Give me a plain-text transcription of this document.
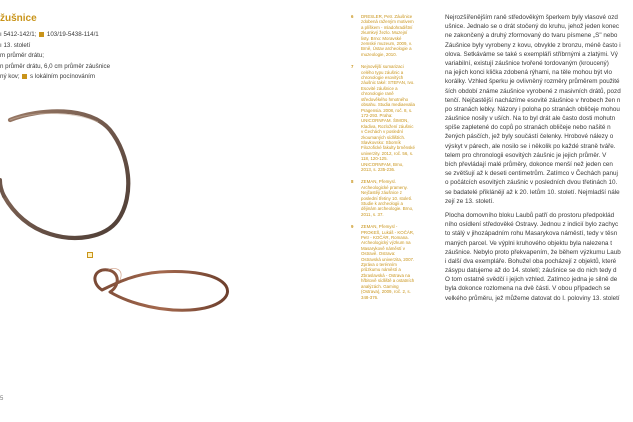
žušnice
ı 5412-142/1;  103/19-5438-114/1
ı 13. století
m průměr drátu;
n průměr drátu, 6,0 cm průměr záušnice
ný kov;  s lokálním pocínováním
5
6	DRESLER, Petr. Záušnice zdobená raženým motivem a plíškem - mladohradištní zkumkvý žezlo. Muzejní listy. Brno: Moravské zemské muzeum, 2009, v. Brně, Ústav archeologie a muzeologie, 2010.
7	Nejnovější sumarizaci celého typu záušnic a chronologie esovitých záušnic také: STEFAN, Ivo. Esovité záušnice a chronologie raně středověkého hmotného obsahu. Studia mediaevalia Pragensia. 2008, roč. 8, s. 172-293. Praha: UNICORNFAM. ŠIMON, Kladiva, Rozložení záušnic v Čechách v poslední zkoumaných sídlištích. Slavkovsko: Sborník Filozofické fakulty brněnské univerzity. 2012, roč. 56, s. 118, 120-125. UNICORNFAM, Brno, 2013, s. 235-236.
8	ZEMAN, Přemysl. Archeologické prameny. Nejčastěji záušnice z poslední třetiny 10. století. Studie k archeologii a dějinám archeologie. Brno, 2011, s. 37.
9	ZEMAN, Přemysl - PROKEŠ, Lukáš - KOČÁR, Petr - KOČÁR, Romana. Archeologický výzkum na Masarykově náměstí v Ostravě. Ostrava: Ostravská univerzita, 2007. Zpráva o terénním průzkumu náměstí a Zbraslavská - Ostrava na hřbitově sídliště a ostatních analýzách. Gaming (Ostrava), 2009, roč. 2, s. 348-376.
Nejrozšířenějším raně středověkým šperkem byly vlasové ozd
ušnice. Jednalo se o drát stočený do kruhu, jehož jeden konec
ne zakončený a druhý zformovaný do tvaru písmene „S" nebo
Záušnice byly vyrobeny z kovu, obvykle z bronzu, méně často i
olova. Setkáváme se také s exempláři stříbrnými a zlatými. Vý
variabilní, existují záušnice tvořené tordovaným (kroucený)
na jejich konci klička zdobená rýhami, na těle mohou být vlo
korálky. Vzhled šperku je ovlivněný rozměry průměrem použité
ších období známe záušnice vyrobené z masivních drátů, pozd
tenčí. Nejčastější nacházíme esovité záušnice v hrobech žen n
po stranách lebky. Názory i poloha po stranách obličeje mohou
záušnice nosily v uších. Na to byl drát ale často dosti mohutn
spíše zapletené do copů po stranách obličeje nebo našité n
žených pásčích, jež byly součástí čelenky. Hrobové nálezy o
výskyt v párech, ale nosilo se i několik po každé straně tváře.
telem pro chronologii esovitých záušnic je jejich průměr. V
bích převládají malé průměry, dokonce menší než jeden cen
se zvětšují až k deseti centimetrům. Zatímco v Čechách panuj
o počátcích esovitých záušnic v posledních dvou třetinách 10.
se badatelé přiklánějí až k 20. letům 10. století. Nejmladší nále
zejí ze 13. století.
Plocha domovního bloku Laubů patří do prostoru předpoklád
ního osídlení středověké Ostravy. Jednou z indicií bylo zachyc
to stálý v jihozápadním rohu Masarykova náměstí, tedy v těsn
maných parcel. Ve výplni kruhového objektu byla nalezena t
záušnice. Nebylo proto překvapením, že během výzkumu Laub
i další dva exempláře. Bohužel oba pocházejí z objektů, které
zásypu datujeme až do 14. století; záušnice se do nich tedy d
O tom ostatně svědčí i jejich vzhled. Zatímco jedna je silně de
byla dokonce rozlomena na dvě části. V obou případech se
velkého průměru, jež můžeme datovat do I. poloviny 13. století
